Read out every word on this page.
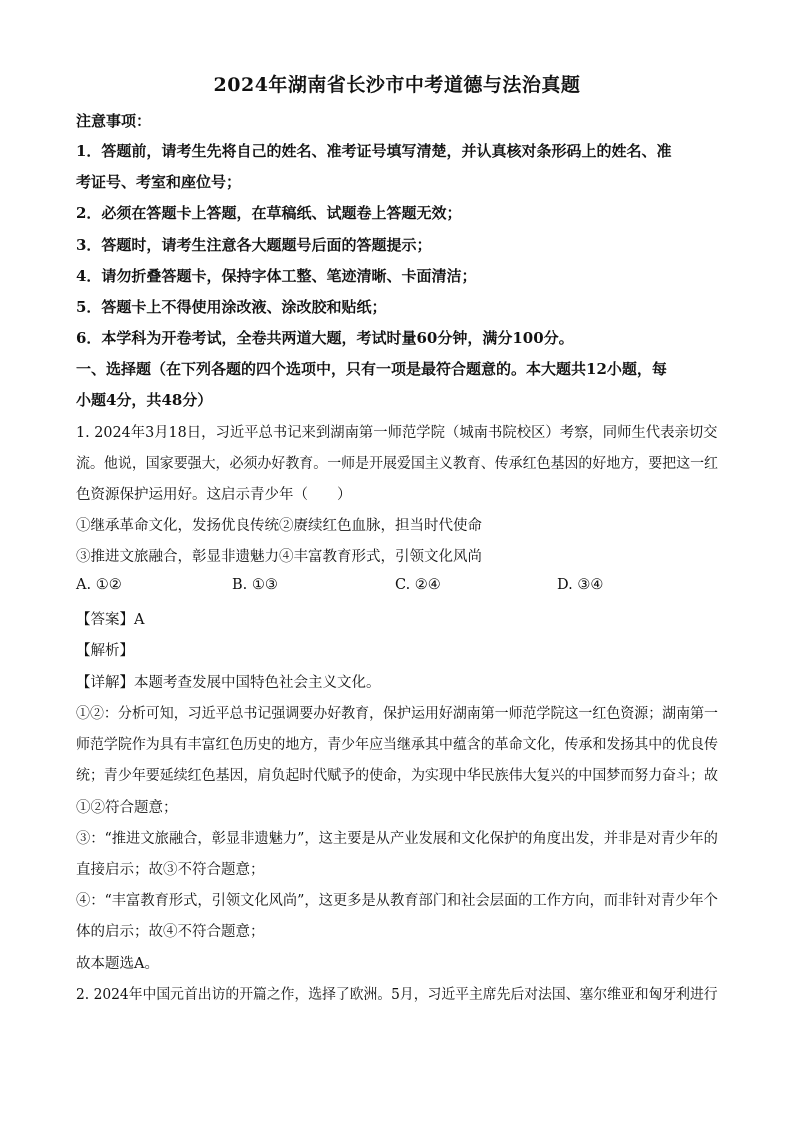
2024年湖南省长沙市中考道德与法治真题
注意事项：
1．答题前，请考生先将自己的姓名、准考证号填写清楚，并认真核对条形码上的姓名、准
考证号、考室和座位号；
2．必须在答题卡上答题，在草稿纸、试题卷上答题无效；
3．答题时，请考生注意各大题题号后面的答题提示；
4．请勿折叠答题卡，保持字体工整、笔迹清晰、卡面清洁；
5．答题卡上不得使用涂改液、涂改胶和贴纸；
6．本学科为开卷考试，全卷共两道大题，考试时量60分钟，满分100分。
一、选择题（在下列各题的四个选项中，只有一项是最符合题意的。本大题共12小题，每
小题4分，共48分）
1. 2024年3月18日，习近平总书记来到湖南第一师范学院（城南书院校区）考察，同师生代表亲切交
流。他说，国家要强大，必须办好教育。一师是开展爱国主义教育、传承红色基因的好地方，要把这一红
色资源保护运用好。这启示青少年（　　）
①继承革命文化，发扬优良传统②赓续红色血脉，担当时代使命
③推进文旅融合，彰显非遗魅力④丰富教育形式，引领文化风尚
A. ①②	B. ①③	C. ②④	D. ③④
【答案】A
【解析】
【详解】本题考查发展中国特色社会主义文化。
①②：分析可知，习近平总书记强调要办好教育，保护运用好湖南第一师范学院这一红色资源；湖南第一
师范学院作为具有丰富红色历史的地方，青少年应当继承其中蕴含的革命文化，传承和发扬其中的优良传
统；青少年要延续红色基因，肩负起时代赋予的使命，为实现中华民族伟大复兴的中国梦而努力奋斗；故
①②符合题意；
③：“推进文旅融合，彰显非遗魅力”，这主要是从产业发展和文化保护的角度出发，并非是对青少年的
直接启示；故③不符合题意；
④：“丰富教育形式，引领文化风尚”，这更多是从教育部门和社会层面的工作方向，而非针对青少年个
体的启示；故④不符合题意；
故本题选A。
2. 2024年中国元首出访的开篇之作，选择了欧洲。5月，习近平主席先后对法国、塞尔维亚和匈牙利进行
